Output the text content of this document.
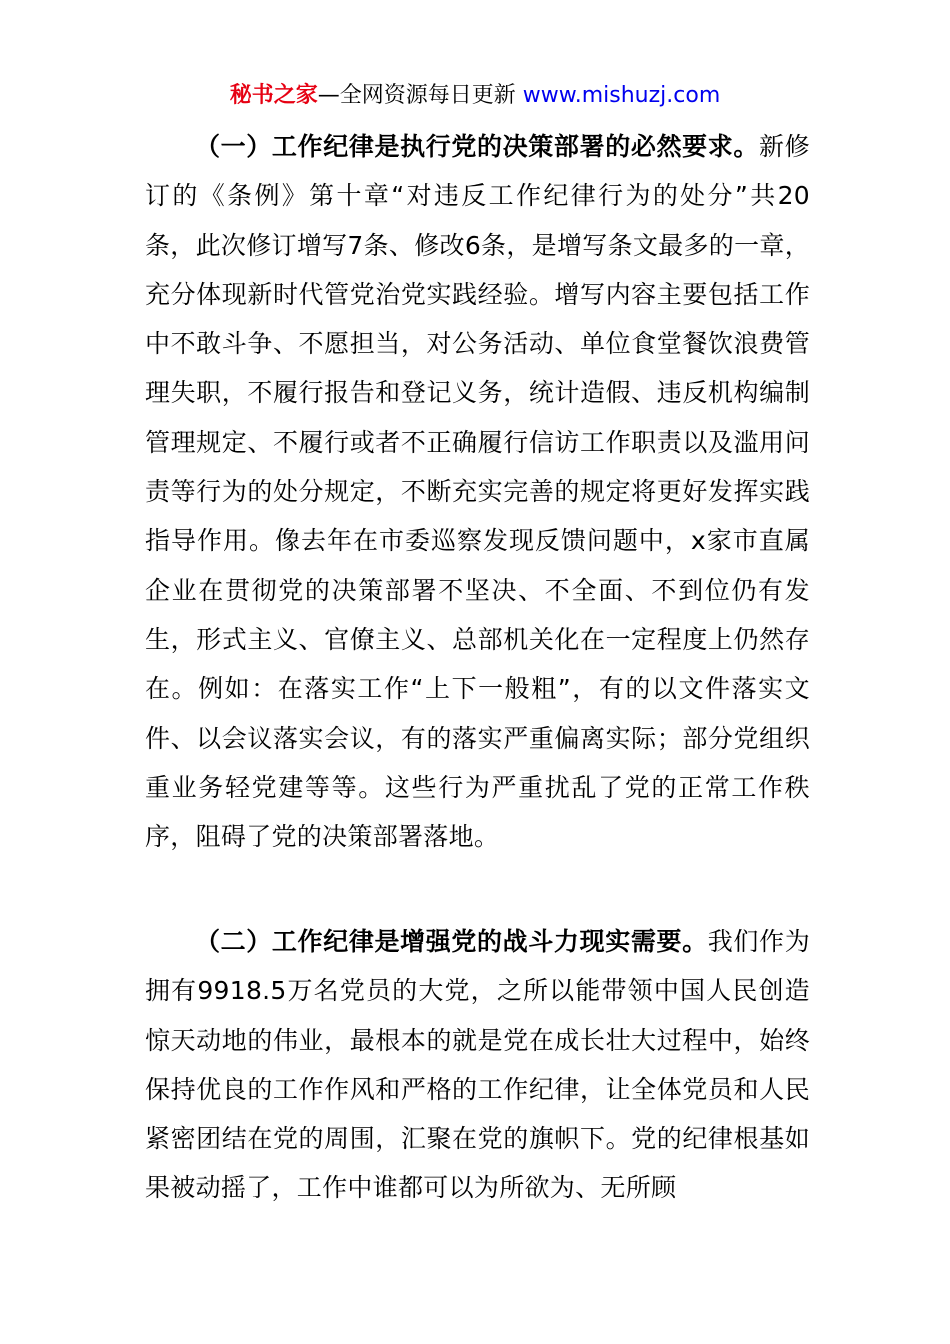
秘书之家—全网资源每日更新 www.mishuzj.com

（一）工作纪律是执行党的决策部署的必然要求。新修订的《条例》第十章“对违反工作纪律行为的处分”共20条，此次修订增写7条、修改6条，是增写条文最多的一章，充分体现新时代管党治党实践经验。增写内容主要包括工作中不敢斗争、不愿担当，对公务活动、单位食堂餐饮浪费管理失职，不履行报告和登记义务，统计造假、违反机构编制管理规定、不履行或者不正确履行信访工作职责以及滥用问责等行为的处分规定，不断充实完善的规定将更好发挥实践指导作用。像去年在市委巡察发现反馈问题中，x家市直属企业在贯彻党的决策部署不坚决、不全面、不到位仍有发生，形式主义、官僚主义、总部机关化在一定程度上仍然存在。例如：在落实工作“上下一般粗”，有的以文件落实文件、以会议落实会议，有的落实严重偏离实际；部分党组织重业务轻党建等等。这些行为严重扰乱了党的正常工作秩序，阻碍了党的决策部署落地。

（二）工作纪律是增强党的战斗力现实需要。我们作为拥有9918.5万名党员的大党，之所以能带领中国人民创造惊天动地的伟业，最根本的就是党在成长壮大过程中，始终保持优良的工作作风和严格的工作纪律，让全体党员和人民紧密团结在党的周围，汇聚在党的旗帜下。党的纪律根基如果被动摇了，工作中谁都可以为所欲为、无所顾
